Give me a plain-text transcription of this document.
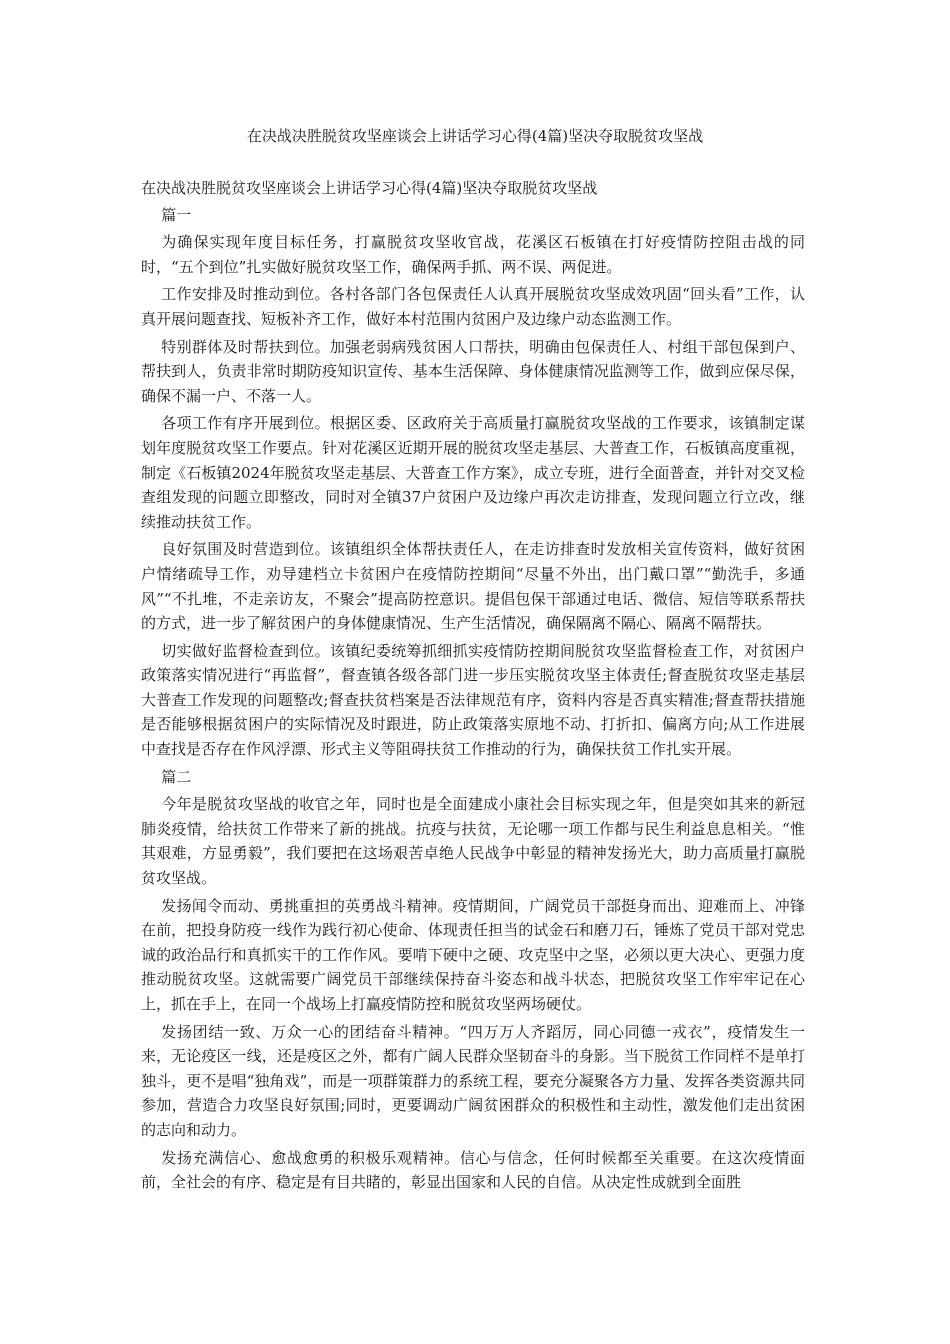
在决战决胜脱贫攻坚座谈会上讲话学习心得(4篇)坚决夺取脱贫攻坚战

在决战决胜脱贫攻坚座谈会上讲话学习心得(4篇)坚决夺取脱贫攻坚战

篇一

为确保实现年度目标任务，打赢脱贫攻坚收官战，花溪区石板镇在打好疫情防控阻击战的同时，“五个到位”扎实做好脱贫攻坚工作，确保两手抓、两不误、两促进。

工作安排及时推动到位。各村各部门各包保责任人认真开展脱贫攻坚成效巩固“回头看”工作，认真开展问题查找、短板补齐工作，做好本村范围内贫困户及边缘户动态监测工作。

特别群体及时帮扶到位。加强老弱病残贫困人口帮扶，明确由包保责任人、村组干部包保到户、帮扶到人，负责非常时期防疫知识宣传、基本生活保障、身体健康情况监测等工作，做到应保尽保，确保不漏一户、不落一人。

各项工作有序开展到位。根据区委、区政府关于高质量打赢脱贫攻坚战的工作要求，该镇制定谋划年度脱贫攻坚工作要点。针对花溪区近期开展的脱贫攻坚走基层、大普查工作，石板镇高度重视，制定《石板镇2024年脱贫攻坚走基层、大普查工作方案》，成立专班，进行全面普查，并针对交叉检查组发现的问题立即整改，同时对全镇37户贫困户及边缘户再次走访排查，发现问题立行立改，继续推动扶贫工作。

良好氛围及时营造到位。该镇组织全体帮扶责任人，在走访排查时发放相关宣传资料，做好贫困户情绪疏导工作，劝导建档立卡贫困户在疫情防控期间“尽量不外出，出门戴口罩”“勤洗手，多通风”“不扎堆，不走亲访友，不聚会”提高防控意识。提倡包保干部通过电话、微信、短信等联系帮扶的方式，进一步了解贫困户的身体健康情况、生产生活情况，确保隔离不隔心、隔离不隔帮扶。

切实做好监督检查到位。该镇纪委统筹抓细抓实疫情防控期间脱贫攻坚监督检查工作，对贫困户政策落实情况进行“再监督”，督查镇各级各部门进一步压实脱贫攻坚主体责任;督查脱贫攻坚走基层大普查工作发现的问题整改;督查扶贫档案是否法律规范有序，资料内容是否真实精准;督查帮扶措施是否能够根据贫困户的实际情况及时跟进，防止政策落实原地不动、打折扣、偏离方向;从工作进展中查找是否存在作风浮漂、形式主义等阻碍扶贫工作推动的行为，确保扶贫工作扎实开展。

篇二

今年是脱贫攻坚战的收官之年，同时也是全面建成小康社会目标实现之年，但是突如其来的新冠肺炎疫情，给扶贫工作带来了新的挑战。抗疫与扶贫，无论哪一项工作都与民生利益息息相关。“惟其艰难，方显勇毅”，我们要把在这场艰苦卓绝人民战争中彰显的精神发扬光大，助力高质量打赢脱贫攻坚战。

发扬闻令而动、勇挑重担的英勇战斗精神。疫情期间，广阔党员干部挺身而出、迎难而上、冲锋在前，把投身防疫一线作为践行初心使命、体现责任担当的试金石和磨刀石，锤炼了党员干部对党忠诚的政治品行和真抓实干的工作作风。要啃下硬中之硬、攻克坚中之坚，必须以更大决心、更强力度推动脱贫攻坚。这就需要广阔党员干部继续保持奋斗姿态和战斗状态，把脱贫攻坚工作牢牢记在心上，抓在手上，在同一个战场上打赢疫情防控和脱贫攻坚两场硬仗。

发扬团结一致、万众一心的团结奋斗精神。“四万万人齐蹈厉，同心同德一戎衣”，疫情发生一来，无论疫区一线，还是疫区之外，都有广阔人民群众坚韧奋斗的身影。当下脱贫工作同样不是单打独斗，更不是唱“独角戏”，而是一项群策群力的系统工程，要充分凝聚各方力量、发挥各类资源共同参加，营造合力攻坚良好氛围;同时，更要调动广阔贫困群众的积极性和主动性，激发他们走出贫困的志向和动力。

发扬充满信心、愈战愈勇的积极乐观精神。信心与信念，任何时候都至关重要。在这次疫情面前，全社会的有序、稳定是有目共睹的，彰显出国家和人民的自信。从决定性成就到全面胜
